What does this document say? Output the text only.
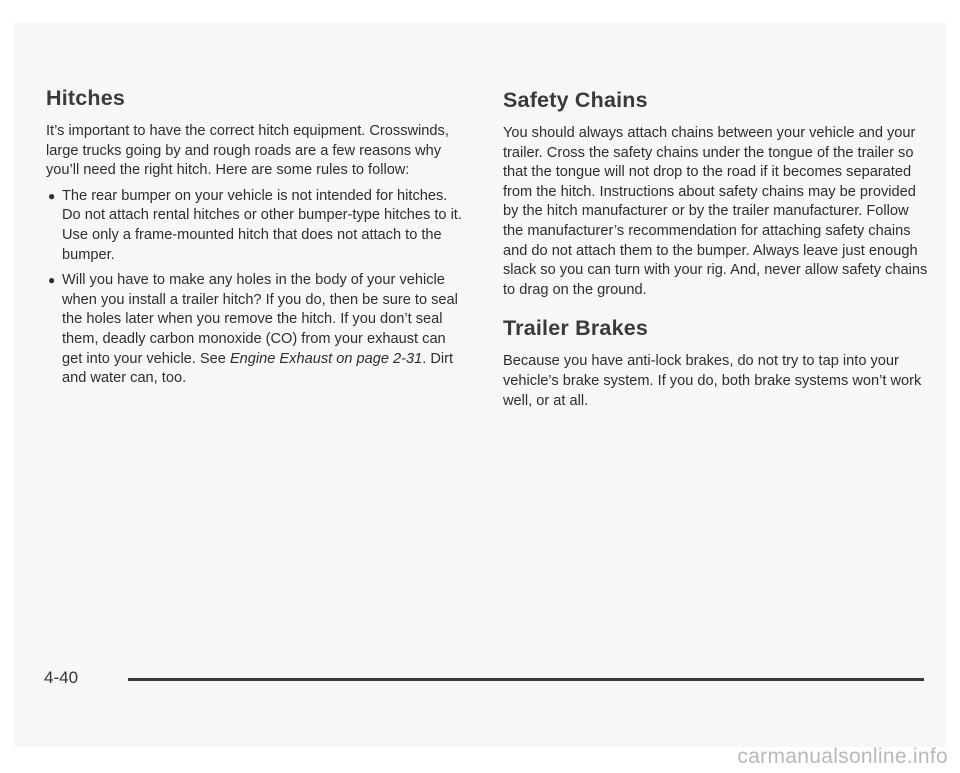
Hitches

It’s important to have the correct hitch equipment. Crosswinds, large trucks going by and rough roads are a few reasons why you’ll need the right hitch. Here are some rules to follow:

● The rear bumper on your vehicle is not intended for hitches. Do not attach rental hitches or other bumper-type hitches to it. Use only a frame-mounted hitch that does not attach to the bumper.
● Will you have to make any holes in the body of your vehicle when you install a trailer hitch? If you do, then be sure to seal the holes later when you remove the hitch. If you don’t seal them, deadly carbon monoxide (CO) from your exhaust can get into your vehicle. See Engine Exhaust on page 2-31. Dirt and water can, too.
Safety Chains

You should always attach chains between your vehicle and your trailer. Cross the safety chains under the tongue of the trailer so that the tongue will not drop to the road if it becomes separated from the hitch. Instructions about safety chains may be provided by the hitch manufacturer or by the trailer manufacturer. Follow the manufacturer’s recommendation for attaching safety chains and do not attach them to the bumper. Always leave just enough slack so you can turn with your rig. And, never allow safety chains to drag on the ground.

Trailer Brakes

Because you have anti-lock brakes, do not try to tap into your vehicle’s brake system. If you do, both brake systems won’t work well, or at all.

4-40
carmanualsonline.info
